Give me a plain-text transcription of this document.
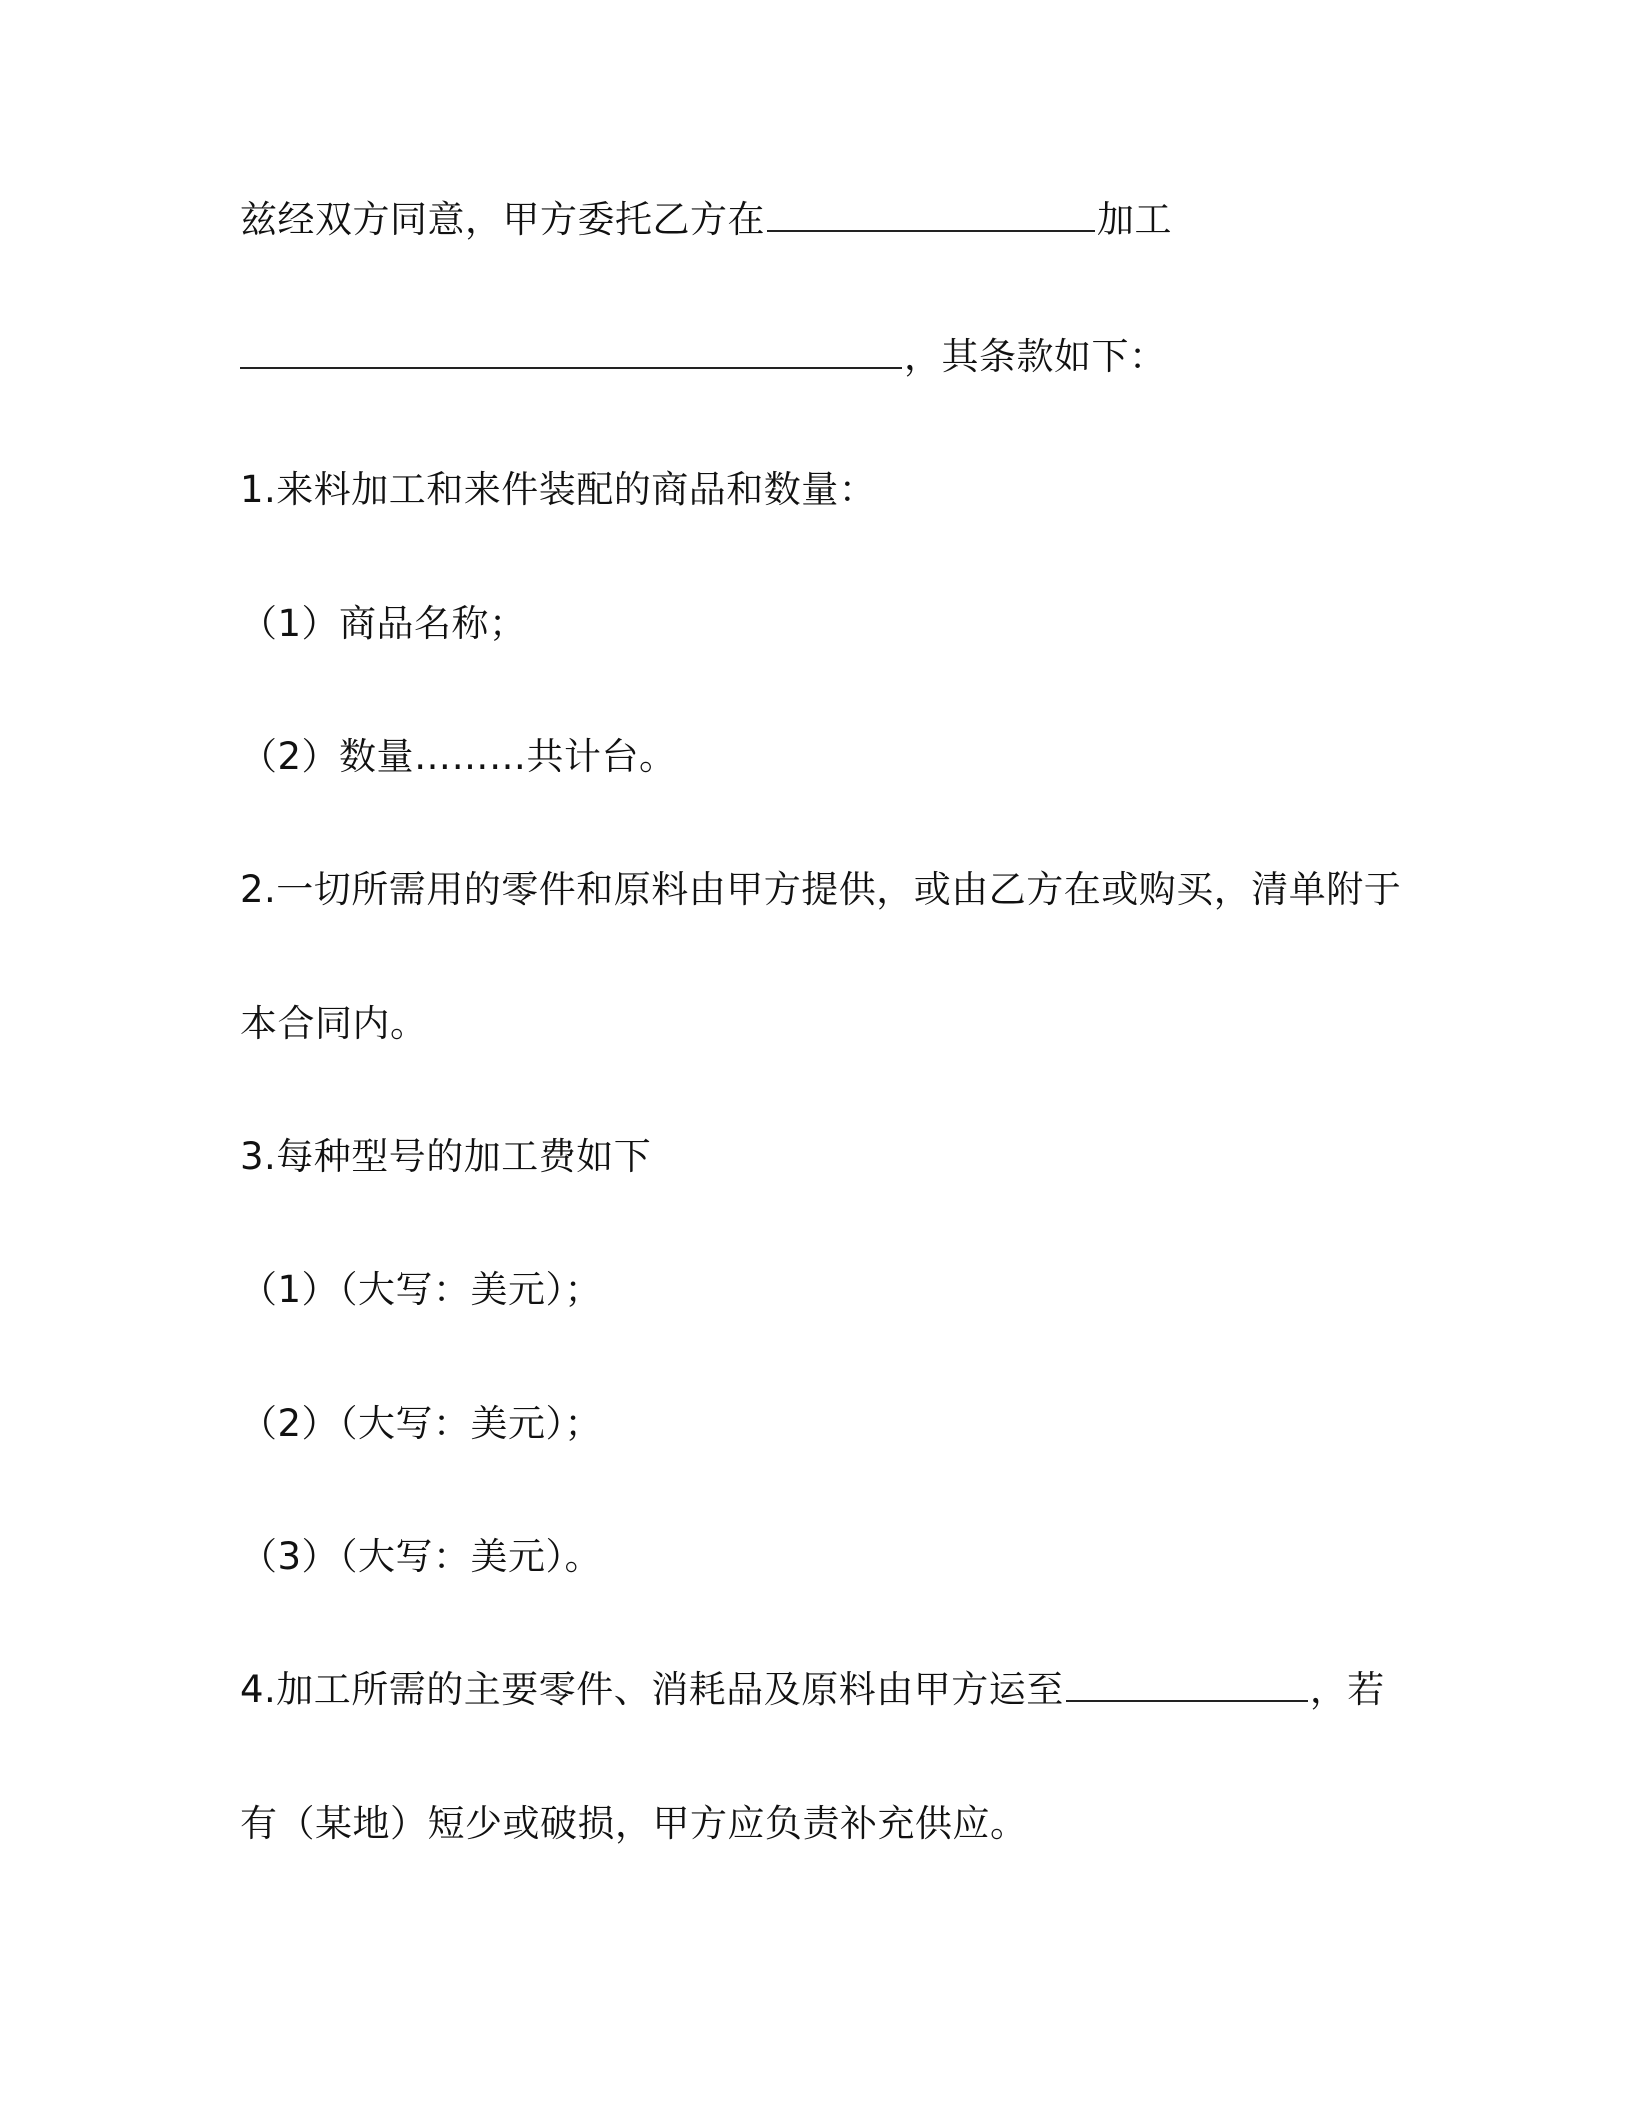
兹经双方同意，甲方委托乙方在	加工
，其条款如下：
1.来料加工和来件装配的商品和数量：
（1）商品名称；
（2）数量………共计台。
2.一切所需用的零件和原料由甲方提供，或由乙方在或购买，清单附于
本合同内。
3.每种型号的加工费如下
（1）（大写：美元）；
（2）（大写：美元）；
（3）（大写：美元）。
4.加工所需的主要零件、消耗品及原料由甲方运至	，若
有（某地）短少或破损，甲方应负责补充供应。
